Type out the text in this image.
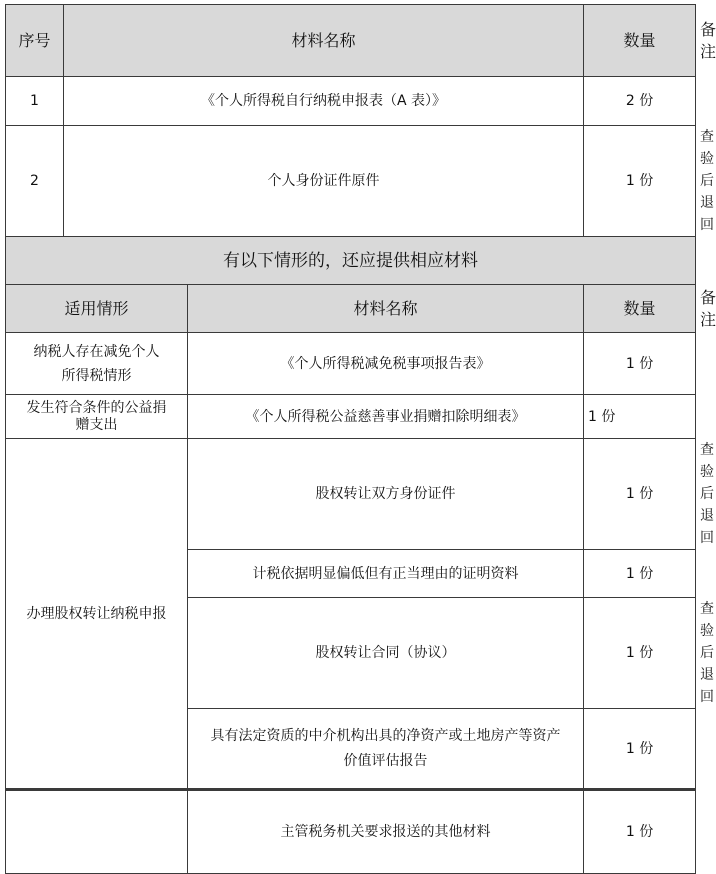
序号	材料名称		数量	备注
1	《个人所得税自行纳税申报表（A 表）》		2 份	
2	个人身份证件原件		1 份	查验后退回
有以下情形的，还应提供相应材料				
适用情形		材料名称	数量	备注
纳税人存在减免个人所得税情形		《个人所得税减免税事项报告表》	1 份	
发生符合条件的公益捐赠支出		《个人所得税公益慈善事业捐赠扣除明细表》	1 份	
办理股权转让纳税申报		股权转让双方身份证件	1 份	查验后退回
		计税依据明显偏低但有正当理由的证明资料	1 份	
		股权转让合同（协议）	1 份	查验后退回
		具有法定资质的中介机构出具的净资产或土地房产等资产价值评估报告	1 份	
		主管税务机关要求报送的其他材料	1 份	
